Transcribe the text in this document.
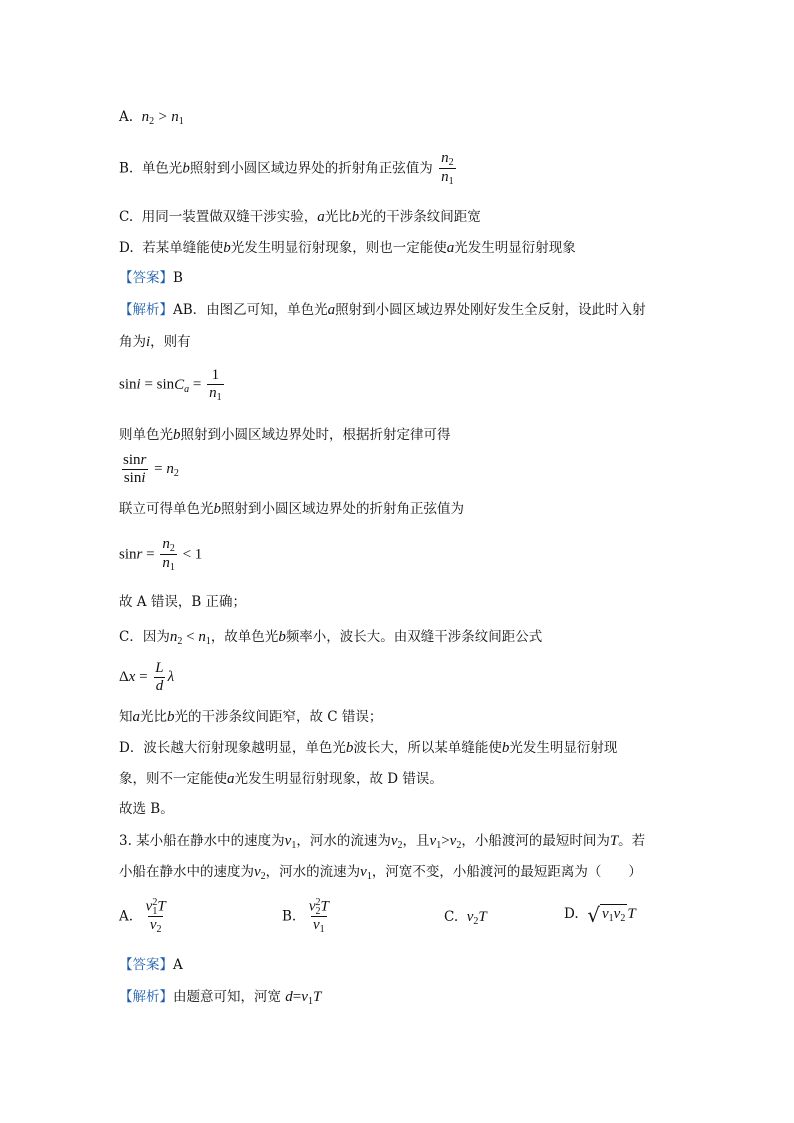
A. $n_2 > n_1$
B. 单色光b照射到小圆区域边界处的折射角正弦值为 $\frac{n_2}{n_1}$
C. 用同一装置做双缝干涉实验，a光比b光的干涉条纹间距宽
D. 若某单缝能使b光发生明显衍射现象，则也一定能使a光发生明显衍射现象
【答案】B
【解析】AB．由图乙可知，单色光a照射到小圆区域边界处刚好发生全反射，设此时入射
角为i，则有
$\sin i = \sin C_a = \frac{1}{n_1}$
则单色光b照射到小圆区域边界处时，根据折射定律可得
$\frac{\sin r}{\sin i} = n_2$
联立可得单色光b照射到小圆区域边界处的折射角正弦值为
$\sin r = \frac{n_2}{n_1} < 1$
故 A 错误，B 正确；
C．因为$n_2 < n_1$，故单色光b频率小，波长大。由双缝干涉条纹间距公式
$\Delta x = \frac{L}{d}$ λ
知a光比b光的干涉条纹间距窄，故 C 错误；
D．波长越大衍射现象越明显，单色光b波长大，所以某单缝能使b光发生明显衍射现
象，则不一定能使a光发生明显衍射现象，故 D 错误。
故选 B。
3. 某小船在静水中的速度为$v_1$，河水的流速为$v_2$，且$v_1>v_2$，小船渡河的最短时间为T。若
小船在静水中的速度为$v_2$，河水的流速为$v_1$，河宽不变，小船渡河的最短距离为（　　）
A. v 2
1 T
$v_2$	B. v 2
2 T
$v_1$	C. $v_2T$	D. √ $v_1v_2$ T
【答案】A
【解析】由题意可知，河宽 $d=v_1T$
